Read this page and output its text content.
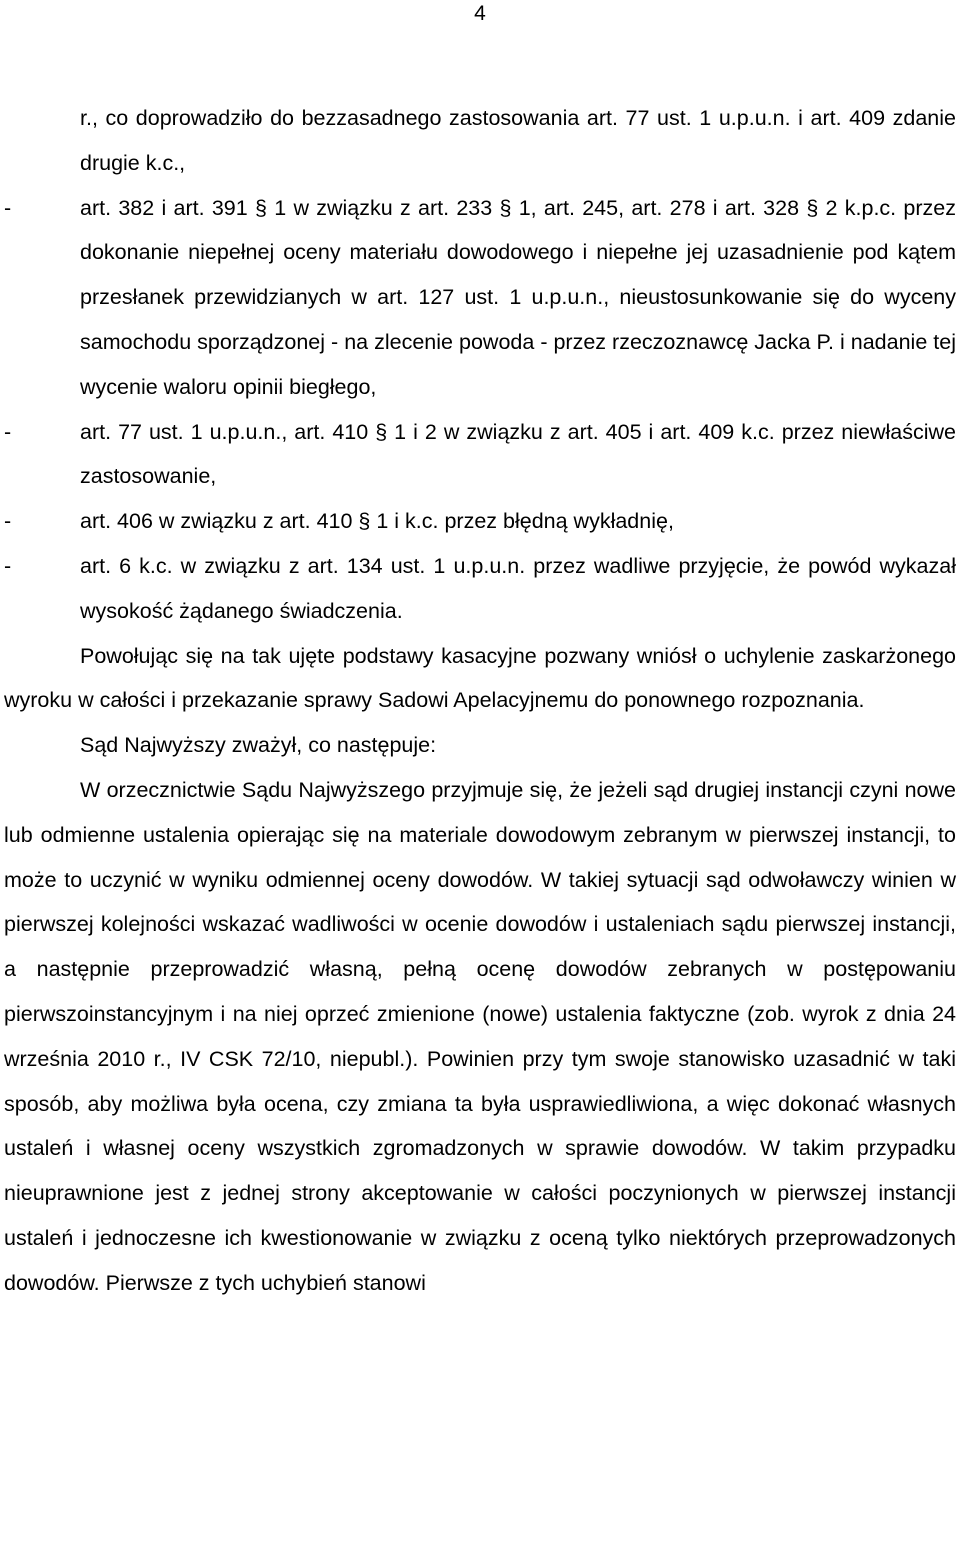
4

r., co doprowadziło do bezzasadnego zastosowania art. 77 ust. 1 u.p.u.n. i art. 409 zdanie drugie k.c.,

-	art. 382 i art. 391 § 1 w związku z art. 233 § 1, art. 245, art. 278 i art. 328 § 2 k.p.c. przez dokonanie niepełnej oceny materiału dowodowego i niepełne jej uzasadnienie pod kątem przesłanek przewidzianych w art. 127 ust. 1 u.p.u.n., nieustosunkowanie się do wyceny samochodu sporządzonej - na zlecenie powoda - przez rzeczoznawcę Jacka P. i nadanie tej wycenie waloru opinii biegłego,

-	art. 77 ust. 1 u.p.u.n., art. 410 § 1 i 2 w związku z art. 405 i art. 409 k.c. przez niewłaściwe zastosowanie,

-	art. 406 w związku z art. 410 § 1 i k.c. przez błędną wykładnię,

-	art. 6 k.c. w związku z art. 134 ust. 1 u.p.u.n. przez wadliwe przyjęcie, że powód wykazał wysokość żądanego świadczenia.

Powołując się na tak ujęte podstawy kasacyjne pozwany wniósł o uchylenie zaskarżonego wyroku w całości i przekazanie sprawy Sadowi Apelacyjnemu do ponownego rozpoznania.

Sąd Najwyższy zważył, co następuje:

W orzecznictwie Sądu Najwyższego przyjmuje się, że jeżeli sąd drugiej instancji czyni nowe lub odmienne ustalenia opierając się na materiale dowodowym zebranym w pierwszej instancji, to może to uczynić w wyniku odmiennej oceny dowodów. W takiej sytuacji sąd odwoławczy winien w pierwszej kolejności wskazać wadliwości w ocenie dowodów i ustaleniach sądu pierwszej instancji, a następnie przeprowadzić własną, pełną ocenę dowodów zebranych w postępowaniu pierwszoinstancyjnym i na niej oprzeć zmienione (nowe) ustalenia faktyczne (zob. wyrok z dnia 24 września 2010 r., IV CSK 72/10, niepubl.). Powinien przy tym swoje stanowisko uzasadnić w taki sposób, aby możliwa była ocena, czy zmiana ta była usprawiedliwiona, a więc dokonać własnych ustaleń i własnej oceny wszystkich zgromadzonych w sprawie dowodów. W takim przypadku nieuprawnione jest z jednej strony akceptowanie w całości poczynionych w pierwszej instancji ustaleń i jednoczesne ich kwestionowanie w związku z oceną tylko niektórych przeprowadzonych dowodów. Pierwsze z tych uchybień stanowi
